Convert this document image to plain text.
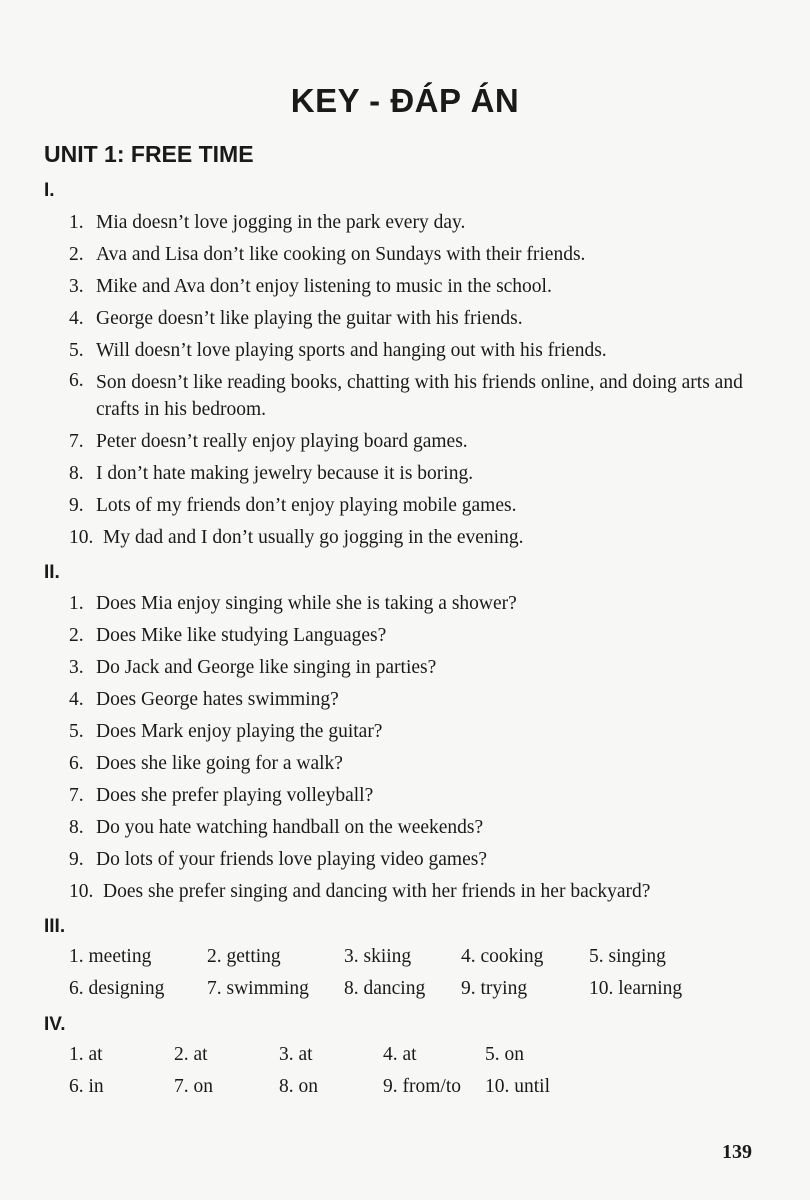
KEY - ĐÁP ÁN
UNIT 1: FREE TIME
I.
1. Mia doesn’t love jogging in the park every day.
2. Ava and Lisa don’t like cooking on Sundays with their friends.
3. Mike and Ava don’t enjoy listening to music in the school.
4. George doesn’t like playing the guitar with his friends.
5. Will doesn’t love playing sports and hanging out with his friends.
6. Son doesn’t like reading books, chatting with his friends online, and doing arts and crafts in his bedroom.
7. Peter doesn’t really enjoy playing board games.
8. I don’t hate making jewelry because it is boring.
9. Lots of my friends don’t enjoy playing mobile games.
10. My dad and I don’t usually go jogging in the evening.
II.
1. Does Mia enjoy singing while she is taking a shower?
2. Does Mike like studying Languages?
3. Do Jack and George like singing in parties?
4. Does George hates swimming?
5. Does Mark enjoy playing the guitar?
6. Does she like going for a walk?
7. Does she prefer playing volleyball?
8. Do you hate watching handball on the weekends?
9. Do lots of your friends love playing video games?
10. Does she prefer singing and dancing with her friends in her backyard?
III.
1. meeting	2. getting	3. skiing	4. cooking 5. singing
6. designing 7. swimming 8. dancing 9. trying	10. learning
IV.
1. at	2. at	3. at	4. at	5. on
6. in	7. on	8. on	9. from/to 10. until
139
